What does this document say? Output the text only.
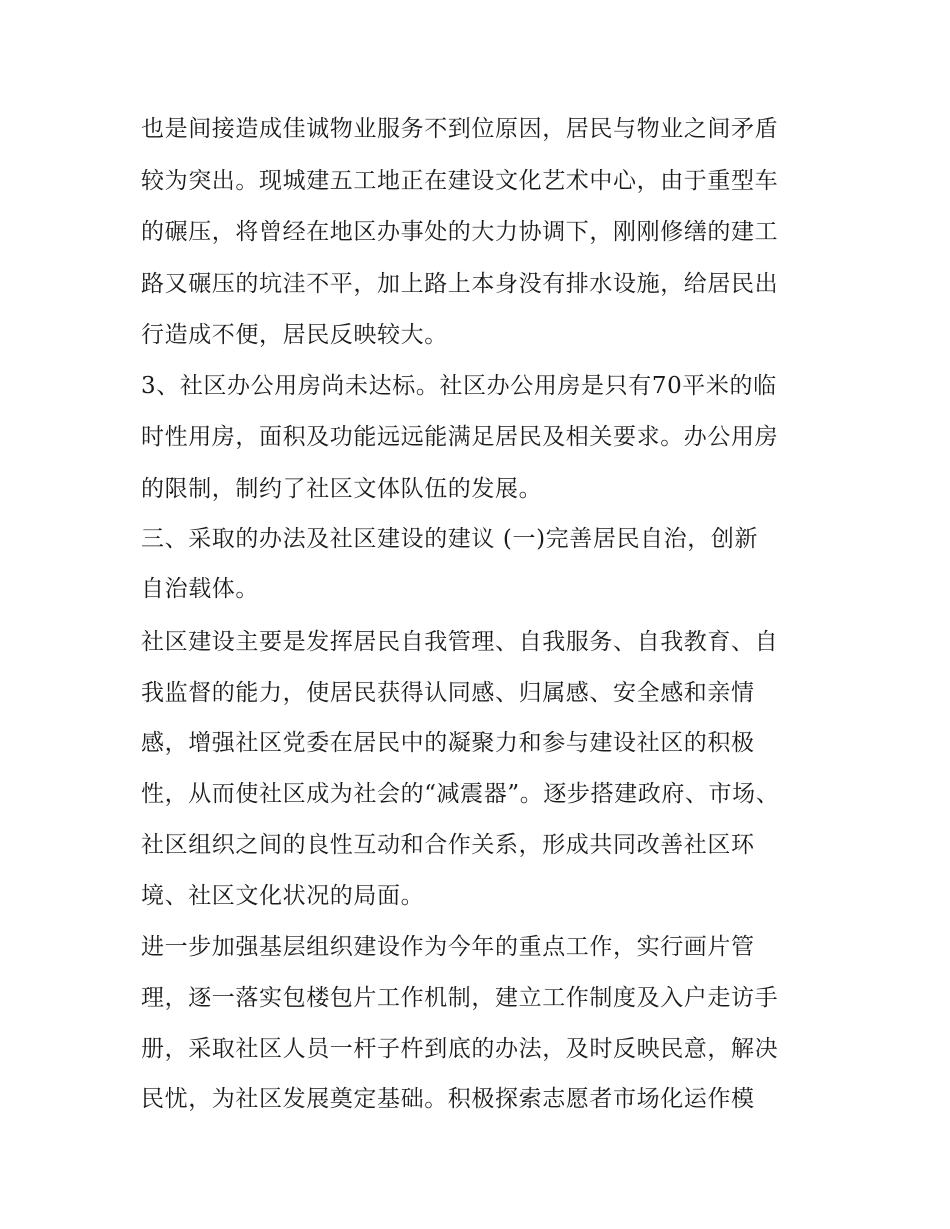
也是间接造成佳诚物业服务不到位原因，居民与物业之间矛盾
较为突出。现城建五工地正在建设文化艺术中心，由于重型车
的碾压，将曾经在地区办事处的大力协调下，刚刚修缮的建工
路又碾压的坑洼不平，加上路上本身没有排水设施，给居民出
行造成不便，居民反映较大。
3、社区办公用房尚未达标。社区办公用房是只有70平米的临
时性用房，面积及功能远远能满足居民及相关要求。办公用房
的限制，制约了社区文体队伍的发展。
三、采取的办法及社区建设的建议 (一)完善居民自治，创新
自治载体。
社区建设主要是发挥居民自我管理、自我服务、自我教育、自
我监督的能力，使居民获得认同感、归属感、安全感和亲情
感，增强社区党委在居民中的凝聚力和参与建设社区的积极
性，从而使社区成为社会的“减震器”。逐步搭建政府、市场、
社区组织之间的良性互动和合作关系，形成共同改善社区环
境、社区文化状况的局面。
进一步加强基层组织建设作为今年的重点工作，实行画片管
理，逐一落实包楼包片工作机制，建立工作制度及入户走访手
册，采取社区人员一杆子杵到底的办法，及时反映民意，解决
民忧，为社区发展奠定基础。积极探索志愿者市场化运作模
